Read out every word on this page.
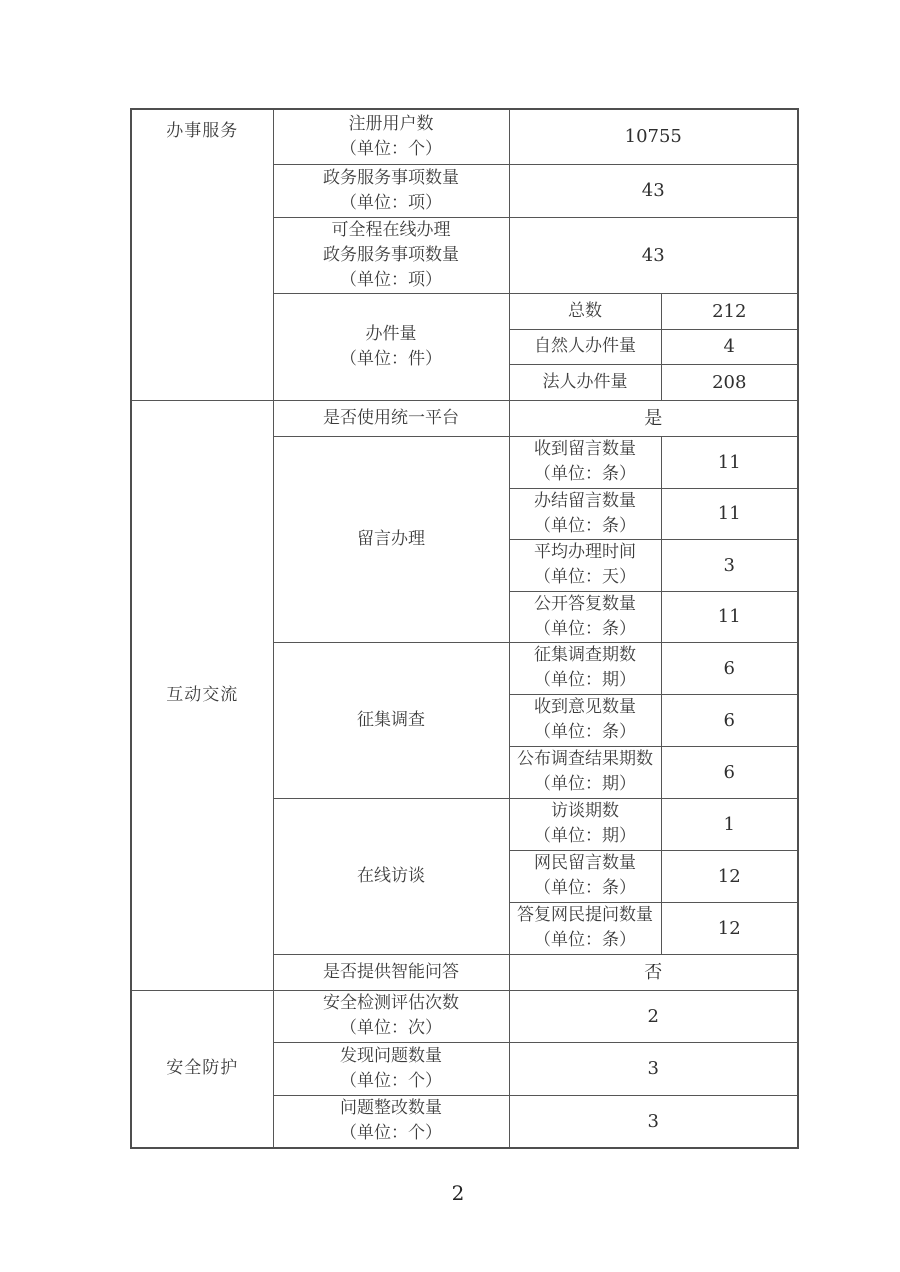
办事服务	注册用户数
（单位：个）	10755	

	政务服务事项数量
（单位：项）	43	

	可全程在线办理
政务服务事项数量
（单位：项）	43	

	办件量
（单位：件）	总数	212
		自然人办件量	4
		法人办件量	208
互动交流	是否使用统一平台	是	
	留言办理	收到留言数量
（单位：条）	11

		办结留言数量
（单位：条）	11

		平均办理时间
（单位：天）	3

		公开答复数量
（单位：条）	11
	征集调查	征集调查期数
（单位：期）	6

		收到意见数量
（单位：条）	6

		公布调查结果期数
（单位：期）	6
	在线访谈	访谈期数
（单位：期）	1

		网民留言数量
（单位：条）	12

		答复网民提问数量
（单位：条）	12
	是否提供智能问答	否	
安全防护	安全检测评估次数
（单位：次）	2	

	发现问题数量
（单位：个）	3	

	问题整改数量
（单位：个）	3	
2
